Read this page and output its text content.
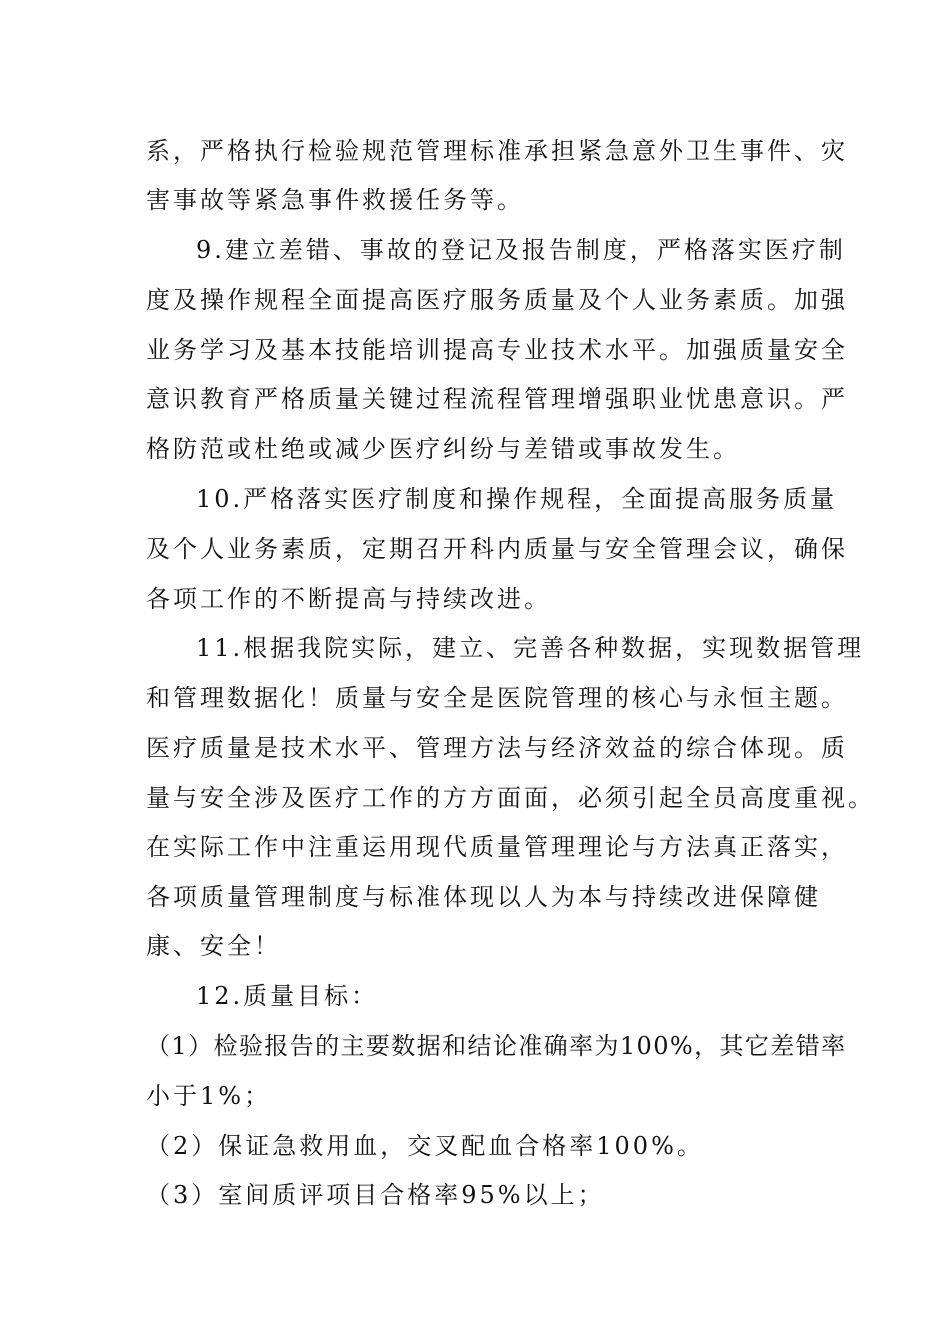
系，严格执行检验规范管理标准承担紧急意外卫生事件、灾
害事故等紧急事件救援任务等。
9.建立差错、事故的登记及报告制度，严格落实医疗制
度及操作规程全面提高医疗服务质量及个人业务素质。加强
业务学习及基本技能培训提高专业技术水平。加强质量安全
意识教育严格质量关键过程流程管理增强职业忧患意识。严
格防范或杜绝或减少医疗纠纷与差错或事故发生。
10.严格落实医疗制度和操作规程，全面提高服务质量
及个人业务素质，定期召开科内质量与安全管理会议，确保
各项工作的不断提高与持续改进。
11.根据我院实际，建立、完善各种数据，实现数据管理
和管理数据化！质量与安全是医院管理的核心与永恒主题。
医疗质量是技术水平、管理方法与经济效益的综合体现。质
量与安全涉及医疗工作的方方面面，必须引起全员高度重视。
在实际工作中注重运用现代质量管理理论与方法真正落实，
各项质量管理制度与标准体现以人为本与持续改进保障健
康、安全！
12.质量目标：
（1）检验报告的主要数据和结论准确率为100%，其它差错率
小于1%；
（2）保证急救用血，交叉配血合格率100%。
（3）室间质评项目合格率95%以上；
